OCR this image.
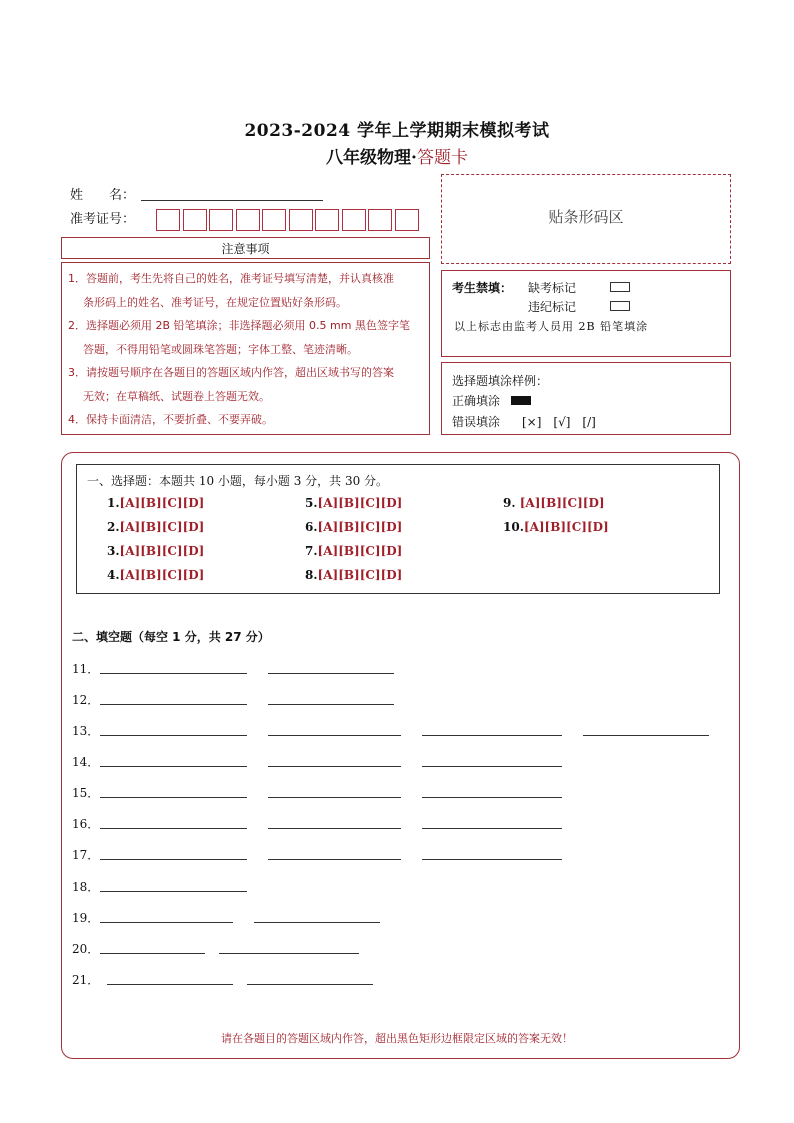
2023-2024 学年上学期期末模拟考试
八年级物理·答题卡
姓　　名：
准考证号：	贴条形码区
注意事项
1．答题前，考生先将自己的姓名，准考证号填写清楚，并认真核准
条形码上的姓名、准考证号，在规定位置贴好条形码。
2．选择题必须用 2B 铅笔填涂；非选择题必须用 0.5 mm 黑色签字笔
答题，不得用铅笔或圆珠笔答题；字体工整、笔迹清晰。
3．请按题号顺序在各题目的答题区域内作答，超出区域书写的答案
无效；在草稿纸、试题卷上答题无效。
4．保持卡面清洁，不要折叠、不要弄破。
考生禁填： 缺考标记
违纪标记
以上标志由监考人员用 2B 铅笔填涂
选择题填涂样例：
正确填涂
错误填涂 [×]　[√]　[/]
一、选择题：本题共 10 小题，每小题 3 分，共 30 分。
1.[A][B][C][D]
2.[A][B][C][D]
3.[A][B][C][D]
4.[A][B][C][D]
5.[A][B][C][D]
6.[A][B][C][D]
7.[A][B][C][D]
8.[A][B][C][D]
9. [A][B][C][D]
10.[A][B][C][D]
二、填空题（每空 1 分，共 27 分）
11．
12．
13．
14．
15．
16．
17．
18．
19．
20．
21．
请在各题目的答题区域内作答，超出黑色矩形边框限定区域的答案无效！
